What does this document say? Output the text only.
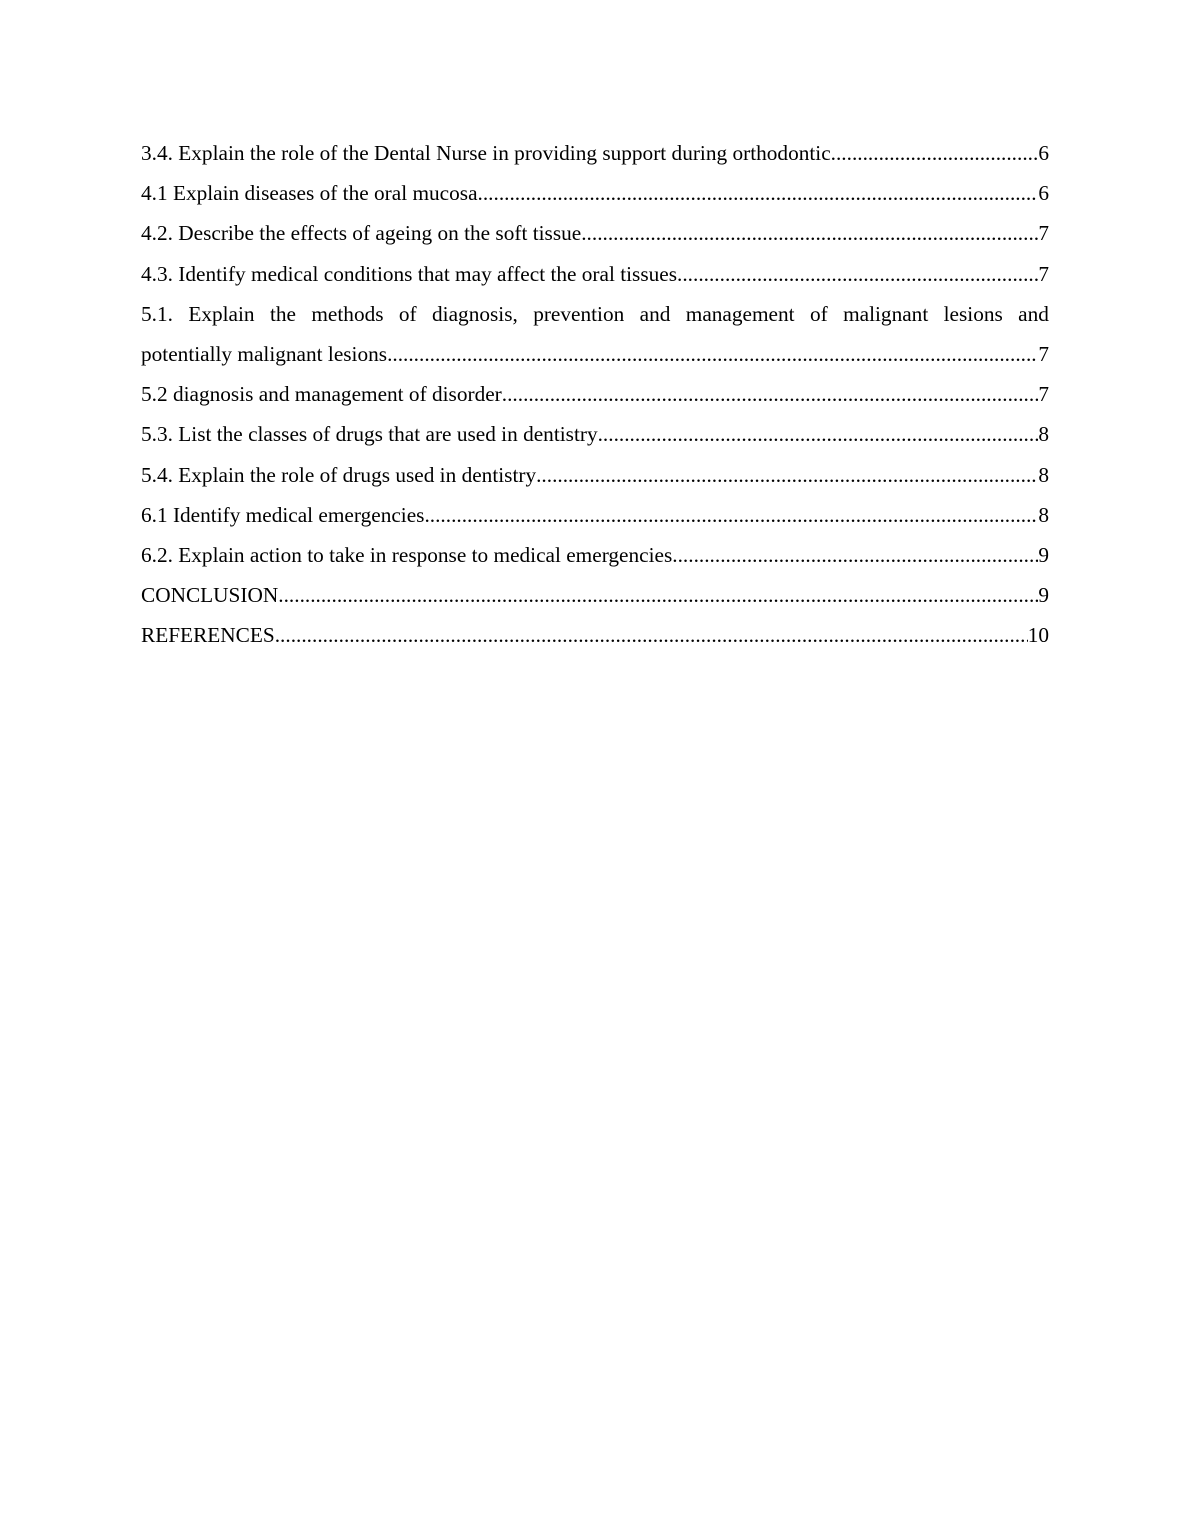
3.4. Explain the role of the Dental Nurse in providing support during orthodontic .....	6
4.1 Explain diseases of the oral mucosa .....	6
4.2. Describe the effects of ageing on the soft tissue .....	7
4.3. Identify medical conditions that may affect the oral tissues .....	7
5.1. Explain the methods of diagnosis, prevention and management of malignant lesions and
potentially malignant lesions .....	7
5.2 diagnosis and management of disorder .....	7
5.3. List the classes of drugs that are used in dentistry .....	8
5.4. Explain the role of drugs used in dentistry .....	8
6.1 Identify medical emergencies .....	8
6.2. Explain action to take in response to medical emergencies .....	9
CONCLUSION .....	9
REFERENCES .....	10
